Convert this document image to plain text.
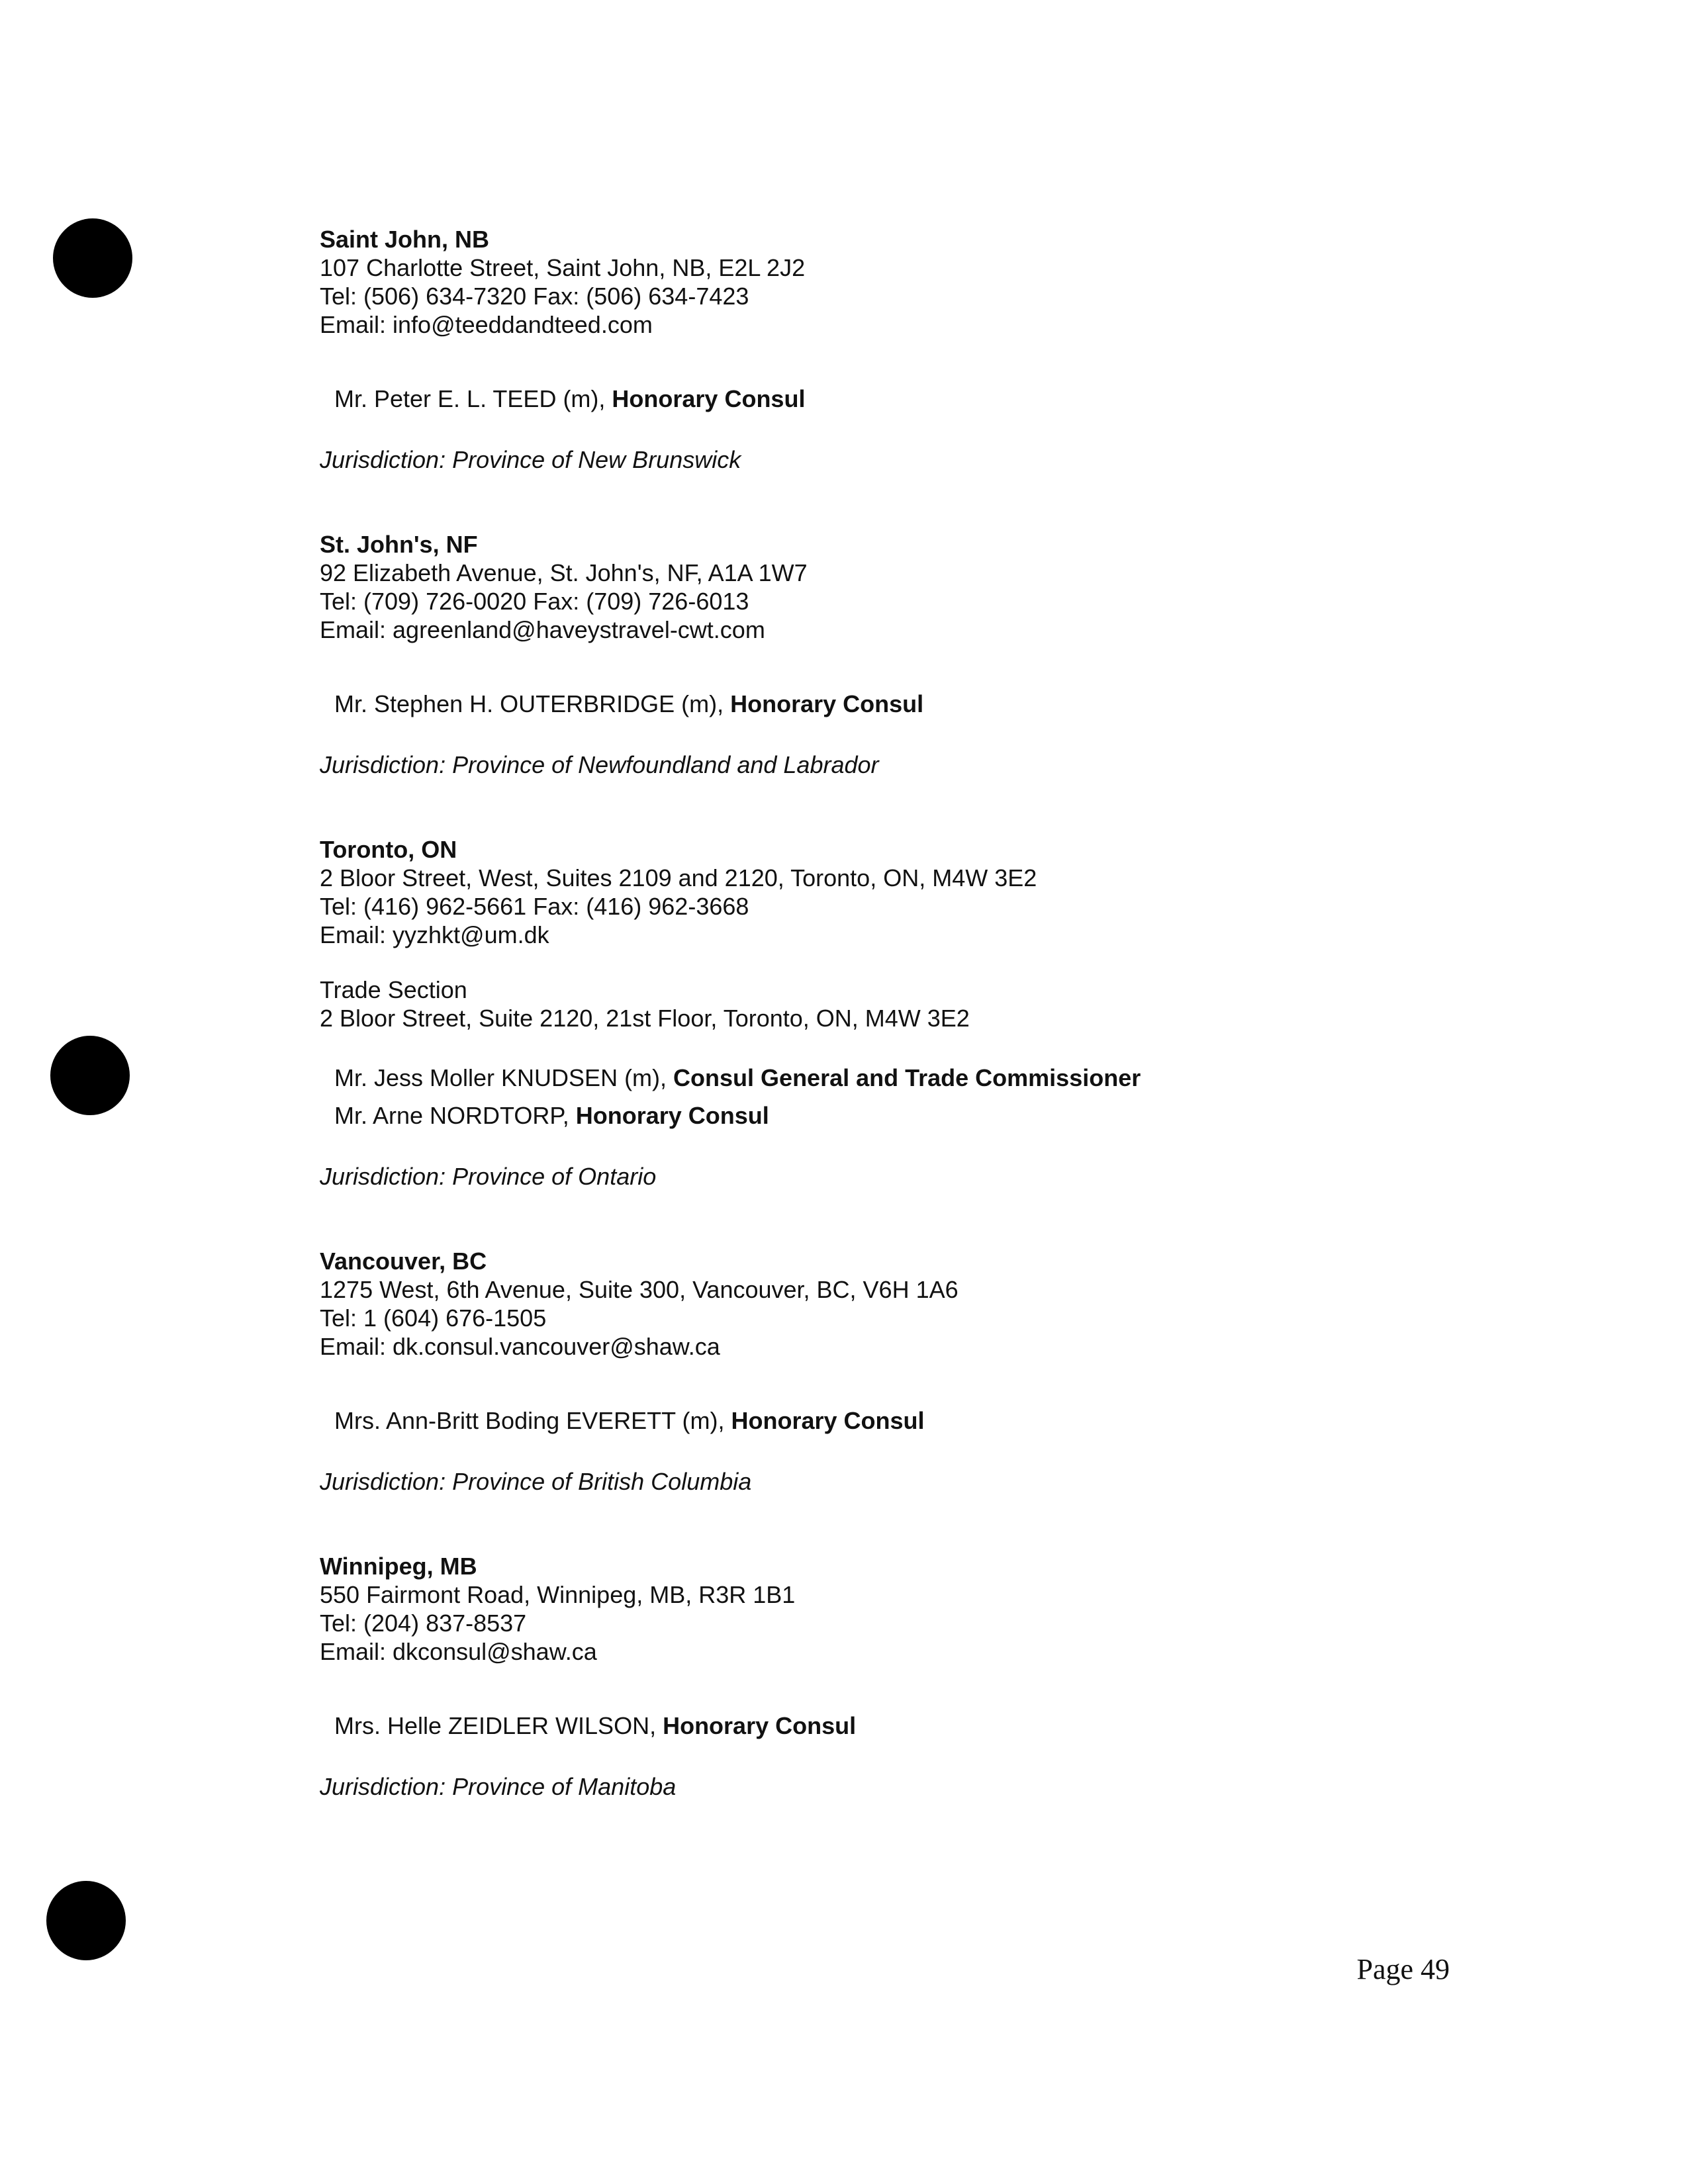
Saint John, NB
107 Charlotte Street, Saint John, NB, E2L 2J2
Tel: (506) 634-7320 Fax: (506) 634-7423
Email: info@teeddandteed.com
Mr. Peter E. L. TEED (m), Honorary Consul
Jurisdiction: Province of New Brunswick
St. John's, NF
92 Elizabeth Avenue, St. John's, NF, A1A 1W7
Tel: (709) 726-0020 Fax: (709) 726-6013
Email: agreenland@haveystravel-cwt.com
Mr. Stephen H. OUTERBRIDGE (m), Honorary Consul
Jurisdiction: Province of Newfoundland and Labrador
Toronto, ON
2 Bloor Street, West, Suites 2109 and 2120, Toronto, ON, M4W 3E2
Tel: (416) 962-5661 Fax: (416) 962-3668
Email: yyzhkt@um.dk
Trade Section
2 Bloor Street, Suite 2120, 21st Floor, Toronto, ON, M4W 3E2
Mr. Jess Moller KNUDSEN (m), Consul General and Trade Commissioner
Mr. Arne NORDTORP, Honorary Consul
Jurisdiction: Province of Ontario
Vancouver, BC
1275 West, 6th Avenue, Suite 300, Vancouver, BC, V6H 1A6
Tel: 1 (604) 676-1505
Email: dk.consul.vancouver@shaw.ca
Mrs. Ann-Britt Boding EVERETT (m), Honorary Consul
Jurisdiction: Province of British Columbia
Winnipeg, MB
550 Fairmont Road, Winnipeg, MB, R3R 1B1
Tel: (204) 837-8537
Email: dkconsul@shaw.ca
Mrs. Helle ZEIDLER WILSON, Honorary Consul
Jurisdiction: Province of Manitoba
Page 49
